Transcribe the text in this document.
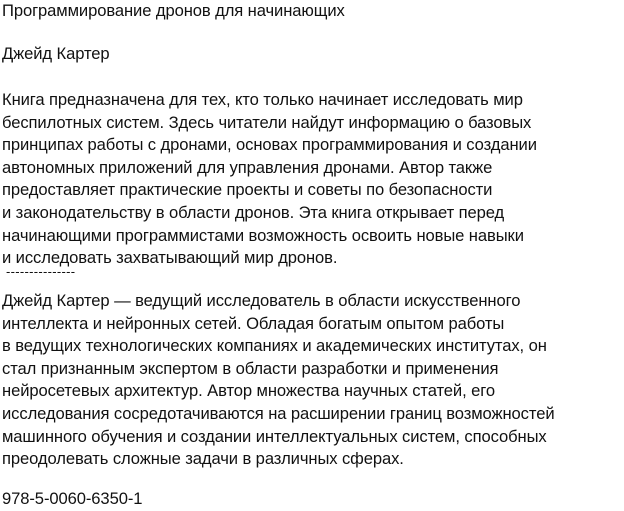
Программирование дронов для начинающих
Джейд Картер
Книга предназначена для тех, кто только начинает исследовать мир
беспилотных систем. Здесь читатели найдут информацию о базовых
принципах работы с дронами, основах программирования и создании
автономных приложений для управления дронами. Автор также
предоставляет практические проекты и советы по безопасности
и законодательству в области дронов. Эта книга открывает перед
начинающими программистами возможность освоить новые навыки
и исследовать захватывающий мир дронов.
---------------
Джейд Картер — ведущий исследователь в области искусственного
интеллекта и нейронных сетей. Обладая богатым опытом работы
в ведущих технологических компаниях и академических институтах, он
стал признанным экспертом в области разработки и применения
нейросетевых архитектур. Автор множества научных статей, его
исследования сосредотачиваются на расширении границ возможностей
машинного обучения и создании интеллектуальных систем, способных
преодолевать сложные задачи в различных сферах.
978-5-0060-6350-1
